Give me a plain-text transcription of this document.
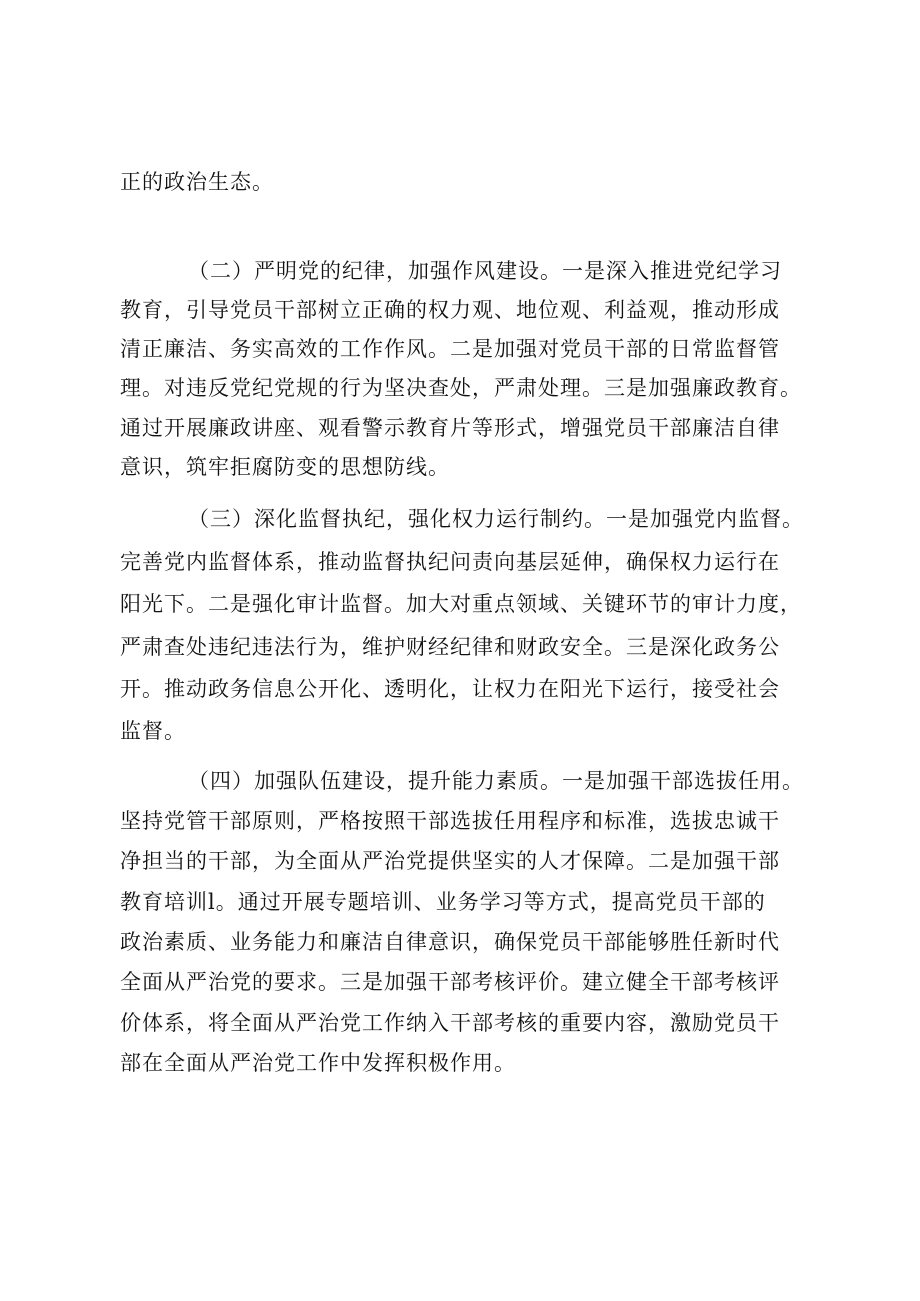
正的政治生态。
（二）严明党的纪律，加强作风建设。一是深入推进党纪学习
教育，引导党员干部树立正确的权力观、地位观、利益观，推动形成
清正廉洁、务实高效的工作作风。二是加强对党员干部的日常监督管
理。对违反党纪党规的行为坚决查处，严肃处理。三是加强廉政教育。
通过开展廉政讲座、观看警示教育片等形式，增强党员干部廉洁自律
意识，筑牢拒腐防变的思想防线。
（三）深化监督执纪，强化权力运行制约。一是加强党内监督。
完善党内监督体系，推动监督执纪问责向基层延伸，确保权力运行在
阳光下。二是强化审计监督。加大对重点领域、关键环节的审计力度，
严肃查处违纪违法行为，维护财经纪律和财政安全。三是深化政务公
开。推动政务信息公开化、透明化，让权力在阳光下运行，接受社会
监督。
（四）加强队伍建设，提升能力素质。一是加强干部选拔任用。
坚持党管干部原则，严格按照干部选拔任用程序和标准，选拔忠诚干
净担当的干部，为全面从严治党提供坚实的人才保障。二是加强干部
教育培训l。通过开展专题培训、业务学习等方式，提高党员干部的
政治素质、业务能力和廉洁自律意识，确保党员干部能够胜任新时代
全面从严治党的要求。三是加强干部考核评价。建立健全干部考核评
价体系，将全面从严治党工作纳入干部考核的重要内容，激励党员干
部在全面从严治党工作中发挥积极作用。
